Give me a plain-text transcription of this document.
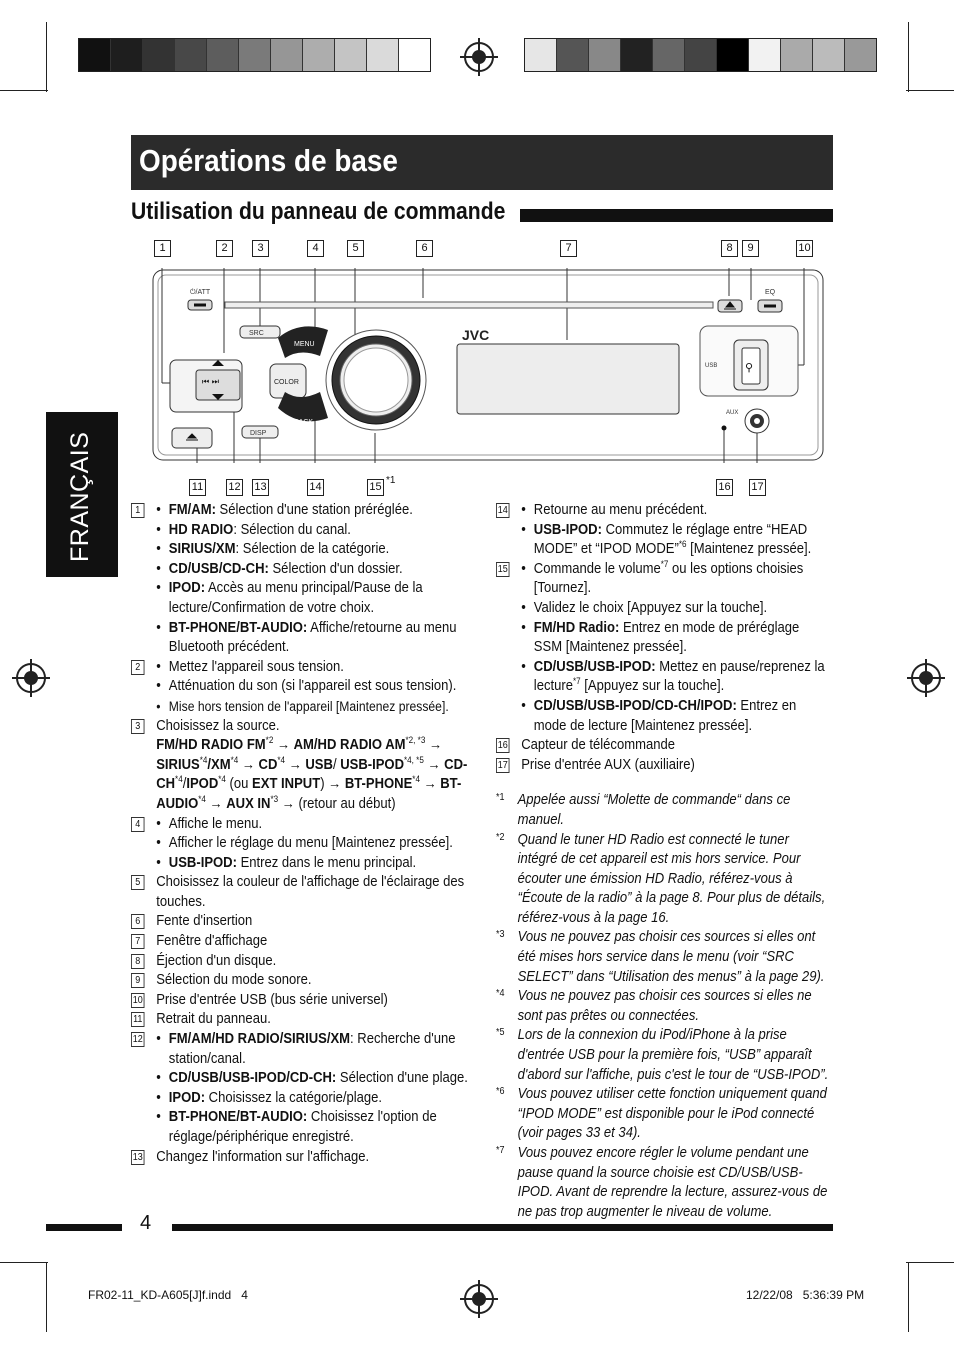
Opérations de base
Utilisation du panneau de commande
FRANÇAIS
1	2	3	4	5	6	7	8	9	10
11 12 13	14	15
*1
16 17
⏻/ATT	EQ
SRC
⏮ ⏭
MENU
COLOR
BACK
DISP
JVC
USB	⚲
AUX
1	• FM/AM: Sélection d'une station préréglée.
• HD RADIO: Sélection du canal.
• SIRIUS/XM: Sélection de la catégorie.
• CD/USB/CD-CH: Sélection d'un dossier.
• IPOD: Accès au menu principal/Pause de la lecture/Confirmation de votre choix.
• BT-PHONE/BT-AUDIO: Affiche/retourne au menu Bluetooth précédent.
2	• Mettez l'appareil sous tension.
• Atténuation du son (si l'appareil est sous tension).
• Mise hors tension de l'appareil [Maintenez pressée].
3 Choisissez la source.
FM/HD RADIO $FM^{*2} \to AM/HD$ RADIO $AM^{*2, *3}$ → $SIRIUS^{*4}/XM^{*4} \to CD^{*4} \to USB/$ USB-$IPOD^{*4, *5}$ → $CD-CH^{*4}/IPOD^{*4}$ (ou EXT INPUT) → $BT-PHONE^{*4}$ → $BT-AUDIO^{*4}$ → AUX $IN^{*3}$ → (retour au début)
4	• Affiche le menu.
• Afficher le réglage du menu [Maintenez pressée].
• USB-IPOD: Entrez dans le menu principal.
5 Choisissez la couleur de l'affichage de l'éclairage des touches.
6 Fente d'insertion
7 Fenêtre d'affichage
8 Éjection d'un disque.
9 Sélection du mode sonore.
10 Prise d'entrée USB (bus série universel)
11 Retrait du panneau.
12	• FM/AM/HD RADIO/SIRIUS/XM: Recherche d'une station/canal.
• CD/USB/USB-IPOD/CD-CH: Sélection d'une plage.
• IPOD: Choisissez la catégorie/plage.
• BT-PHONE/BT-AUDIO: Choisissez l'option de réglage/périphérique enregistré.
13 Changez l'information sur l'affichage.
14	• Retourne au menu précédent.
• USB-IPOD: Commutez le réglage entre “HEAD MODE” et “IPOD MODE”$^{*6}$ [Maintenez pressée].
15	• Commande le volume$^{*7}$ ou les options choisies [Tournez].
• Validez le choix [Appuyez sur la touche].
• FM/HD Radio: Entrez en mode de préréglage SSM [Maintenez pressée].
• CD/USB/USB-IPOD: Mettez en pause/reprenez la lecture$^{*7}$ [Appuyez sur la touche].
• CD/USB/USB-IPOD/CD-CH/IPOD: Entrez en mode de lecture [Maintenez pressée].
16 Capteur de télécommande
17 Prise d'entrée AUX (auxiliaire)
*1 Appelée aussi “Molette de commande“ dans ce manuel.
*2 Quand le tuner HD Radio est connecté le tuner intégré de cet appareil est mis hors service. Pour écouter une émission HD Radio, référez-vous à “Écoute de la radio” à la page 8. Pour plus de détails, référez-vous à la page 16.
*3 Vous ne pouvez pas choisir ces sources si elles ont été mises hors service dans le menu (voir “SRC SELECT” dans “Utilisation des menus” à la page 29).
*4 Vous ne pouvez pas choisir ces sources si elles ne sont pas prêtes ou connectées.
*5 Lors de la connexion du iPod/iPhone à la prise d'entrée USB pour la première fois, “USB” apparaît d'abord sur l'affiche, puis c'est le tour de “USB-IPOD”.
*6 Vous pouvez utiliser cette fonction uniquement quand “IPOD MODE” est disponible pour le iPod connecté (voir pages 33 et 34).
*7 Vous pouvez encore régler le volume pendant une pause quand la source choisie est CD/USB/USB-IPOD. Avant de reprendre la lecture, assurez-vous de ne pas trop augmenter le niveau de volume.
4
FR02-11_KD-A605[J]f.indd   4	12/22/08   5:36:39 PM
